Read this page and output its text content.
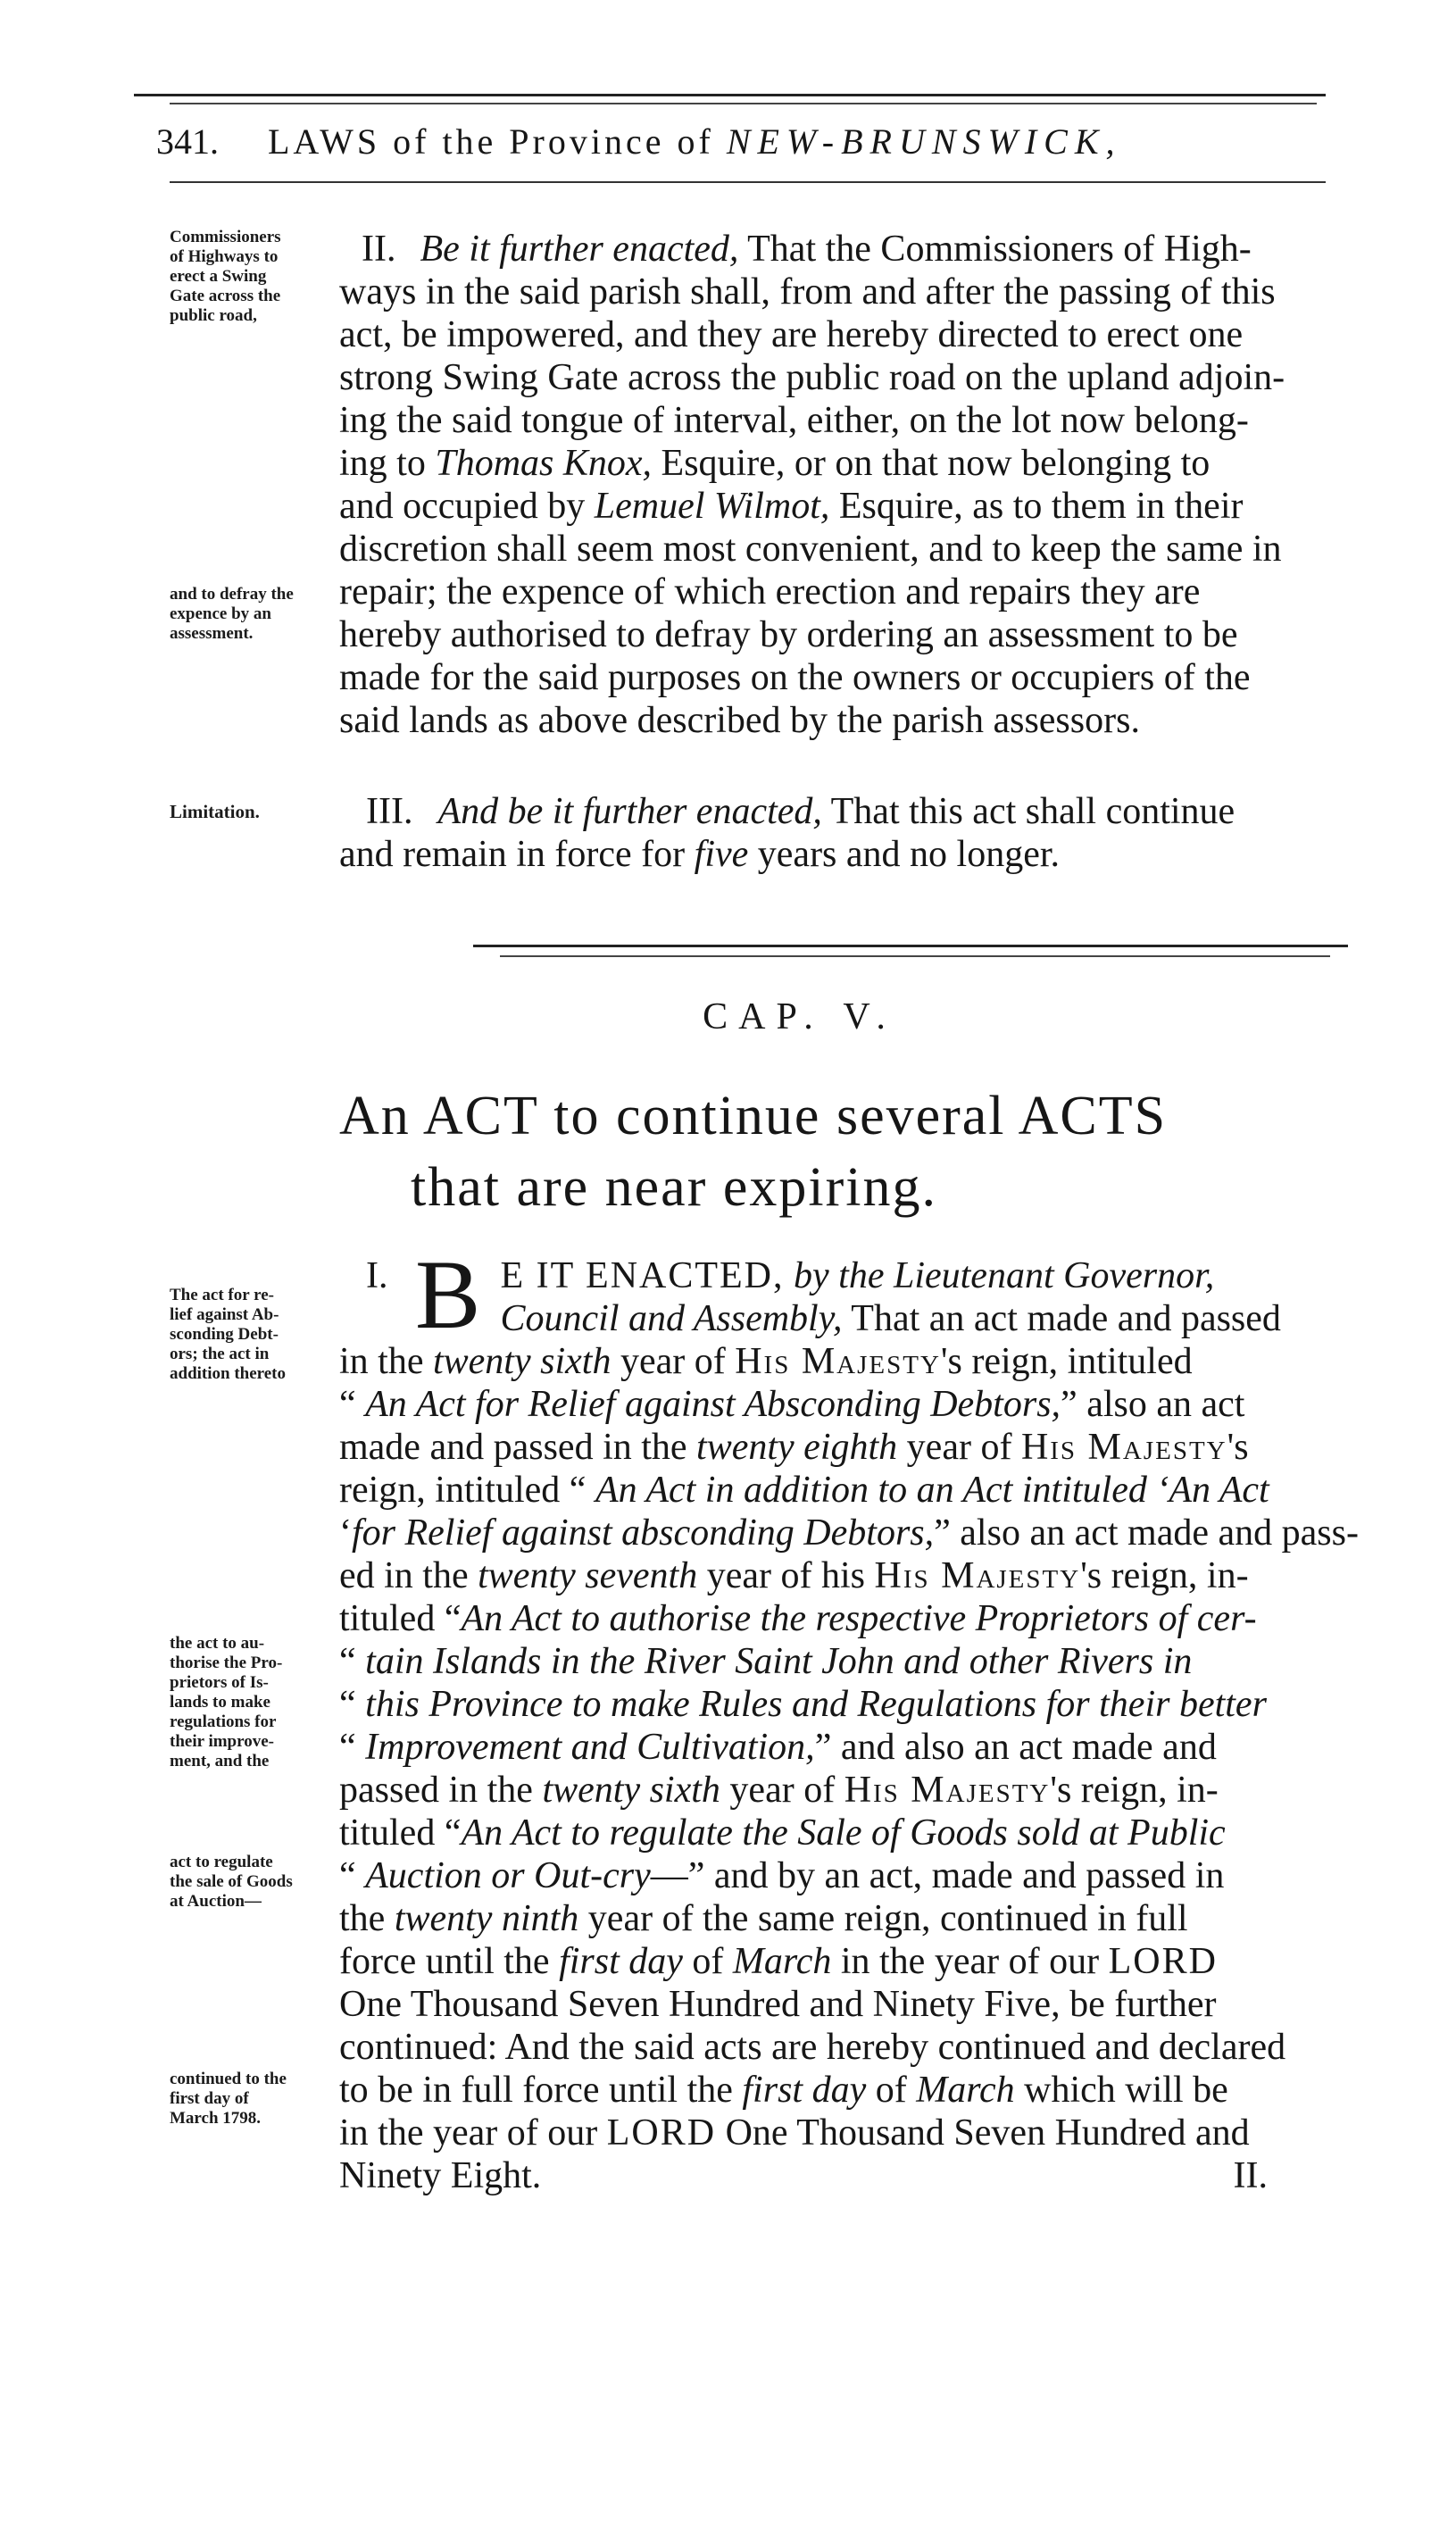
341. LAWS of the Province of NEW-BRUNSWICK,
Commissioners
of Highways to
erect a Swing
Gate across the
public road,
and to defray the
expence by an
assessment.
II. Be it further enacted, That the Commissioners of High-
ways in the said parish shall, from and after the passing of this
act, be impowered, and they are hereby directed to erect one
strong Swing Gate across the public road on the upland adjoin-
ing the said tongue of interval, either, on the lot now belong-
ing to Thomas Knox, Esquire, or on that now belonging to
and occupied by Lemuel Wilmot, Esquire, as to them in their
discretion shall seem most convenient, and to keep the same in
repair; the expence of which erection and repairs they are
hereby authorised to defray by ordering an assessment to be
made for the said purposes on the owners or occupiers of the
said lands as above described by the parish assessors.
Limitation.	III. And be it further enacted, That this act shall continue
and remain in force for five years and no longer.
CAP. V.
An ACT to continue several ACTS
that are near expiring.
The act for re-
lief against Ab-
sconding Debt-
ors; the act in
addition thereto
the act to au-
thorise the Pro-
prietors of Is-
lands to make
regulations for
their improve-
ment, and the
act to regulate
the sale of Goods
at Auction—
continued to the
first day of
March 1798.
B
I.	E IT ENACTED, by the Lieutenant Governor,
Council and Assembly, That an act made and passed
in the twenty sixth year of His Majesty's reign, intituled
“ An Act for Relief against Absconding Debtors,” also an act
made and passed in the twenty eighth year of His Majesty's
reign, intituled “ An Act in addition to an Act intituled ‘An Act
‘for Relief against absconding Debtors,” also an act made and pass-
ed in the twenty seventh year of his His Majesty's reign, in-
tituled “An Act to authorise the respective Proprietors of cer-
“ tain Islands in the River Saint John and other Rivers in
“ this Province to make Rules and Regulations for their better
“ Improvement and Cultivation,” and also an act made and
passed in the twenty sixth year of His Majesty's reign, in-
tituled “An Act to regulate the Sale of Goods sold at Public
“ Auction or Out-cry—” and by an act, made and passed in
the twenty ninth year of the same reign, continued in full
force until the first day of March in the year of our LORD
One Thousand Seven Hundred and Ninety Five, be further
continued: And the said acts are hereby continued and declared
to be in full force until the first day of March which will be
in the year of our LORD One Thousand Seven Hundred and
Ninety Eight.	II.
